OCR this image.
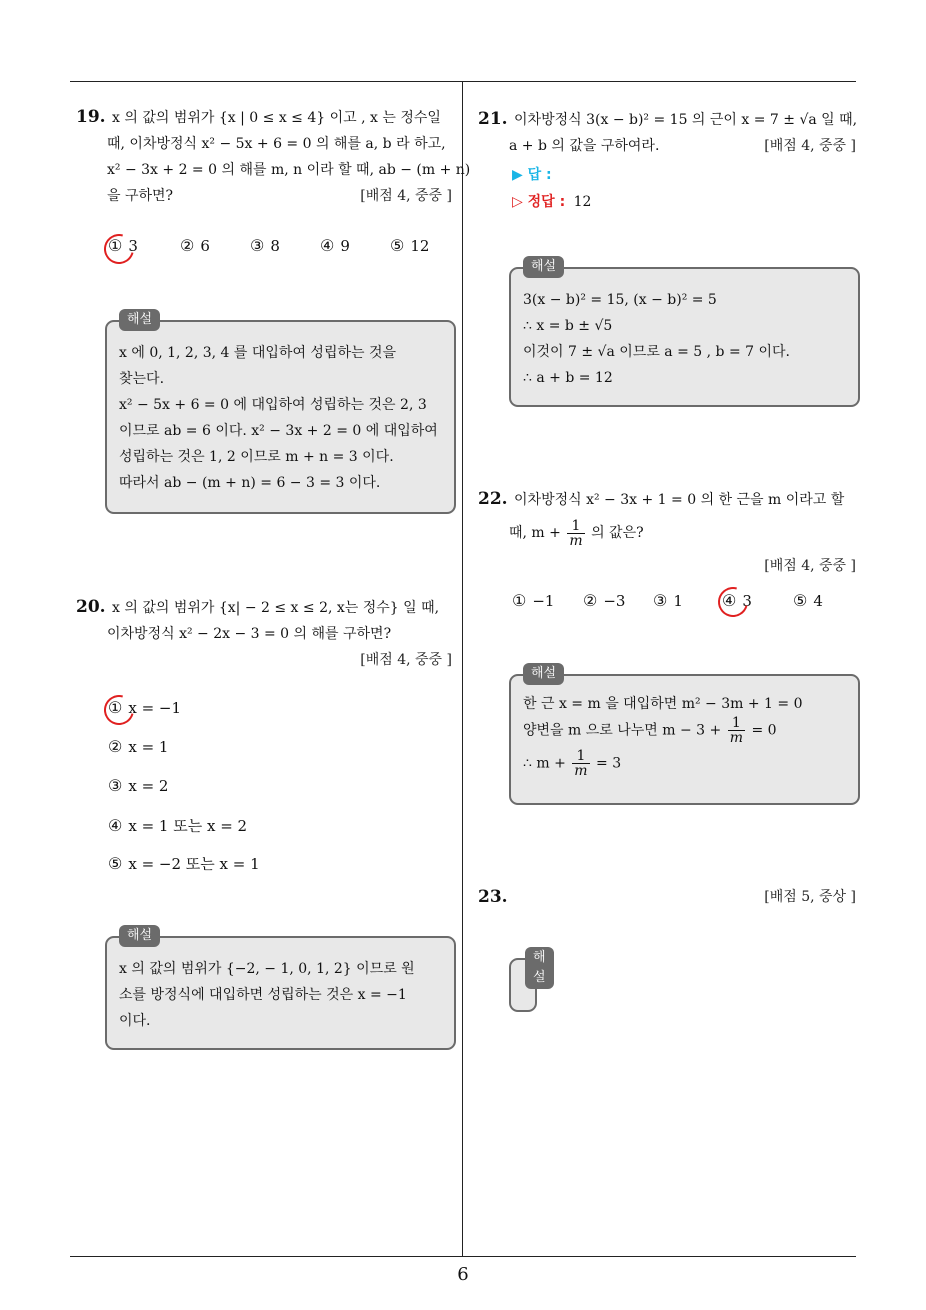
19. x 의 값의 범위가 {x | 0 ≤ x ≤ 4} 이고 , x 는 정수일
때, 이차방정식 x² − 5x + 6 = 0 의 해를 a, b 라 하고,
x² − 3x + 2 = 0 의 해를 m, n 이라 할 때, ab − (m + n)
을 구하면?	[배점 4, 중중 ]
① 3	② 6	③ 8	④ 9	⑤ 12
해설
x 에 0, 1, 2, 3, 4 를 대입하여 성립하는 것을
찾는다.
x² − 5x + 6 = 0 에 대입하여 성립하는 것은 2, 3
이므로 ab = 6 이다. x² − 3x + 2 = 0 에 대입하여
성립하는 것은 1, 2 이므로 m + n = 3 이다.
따라서 ab − (m + n) = 6 − 3 = 3 이다.
20. x 의 값의 범위가 {x| − 2 ≤ x ≤ 2, x는 정수} 일 때,
이차방정식 x² − 2x − 3 = 0 의 해를 구하면?
[배점 4, 중중 ]
① x = −1
② x = 1
③ x = 2
④ x = 1 또는 x = 2
⑤ x = −2 또는 x = 1
해설
x 의 값의 범위가 {−2, − 1, 0, 1, 2} 이므로 원
소를 방정식에 대입하면 성립하는 것은 x = −1
이다.
21. 이차방정식 3(x − b)² = 15 의 근이 x = 7 ± √a 일 때,
a + b 의 값을 구하여라.	[배점 4, 중중 ]
▶ 답 :
▷ 정답 : 12
해설
3(x − b)² = 15, (x − b)² = 5
∴ x = b ± √5
이것이 7 ± √a 이므로 a = 5 , b = 7 이다.
∴ a + b = 12
22. 이차방정식 x² − 3x + 1 = 0 의 한 근을 m 이라고 할
때, $m + \frac{1}{m}$ 의 값은?
[배점 4, 중중 ]
① −1 ② −3 ③ 1 ④ 3	⑤ 4
해설
한 근 x = m 을 대입하면 m² − 3m + 1 = 0
양변을 m 으로 나누면 $m - 3 + \frac{1}{m} = 0$
∴ $m + \frac{1}{m} = 3$
23.	[배점 5, 중상 ]
해설
6
